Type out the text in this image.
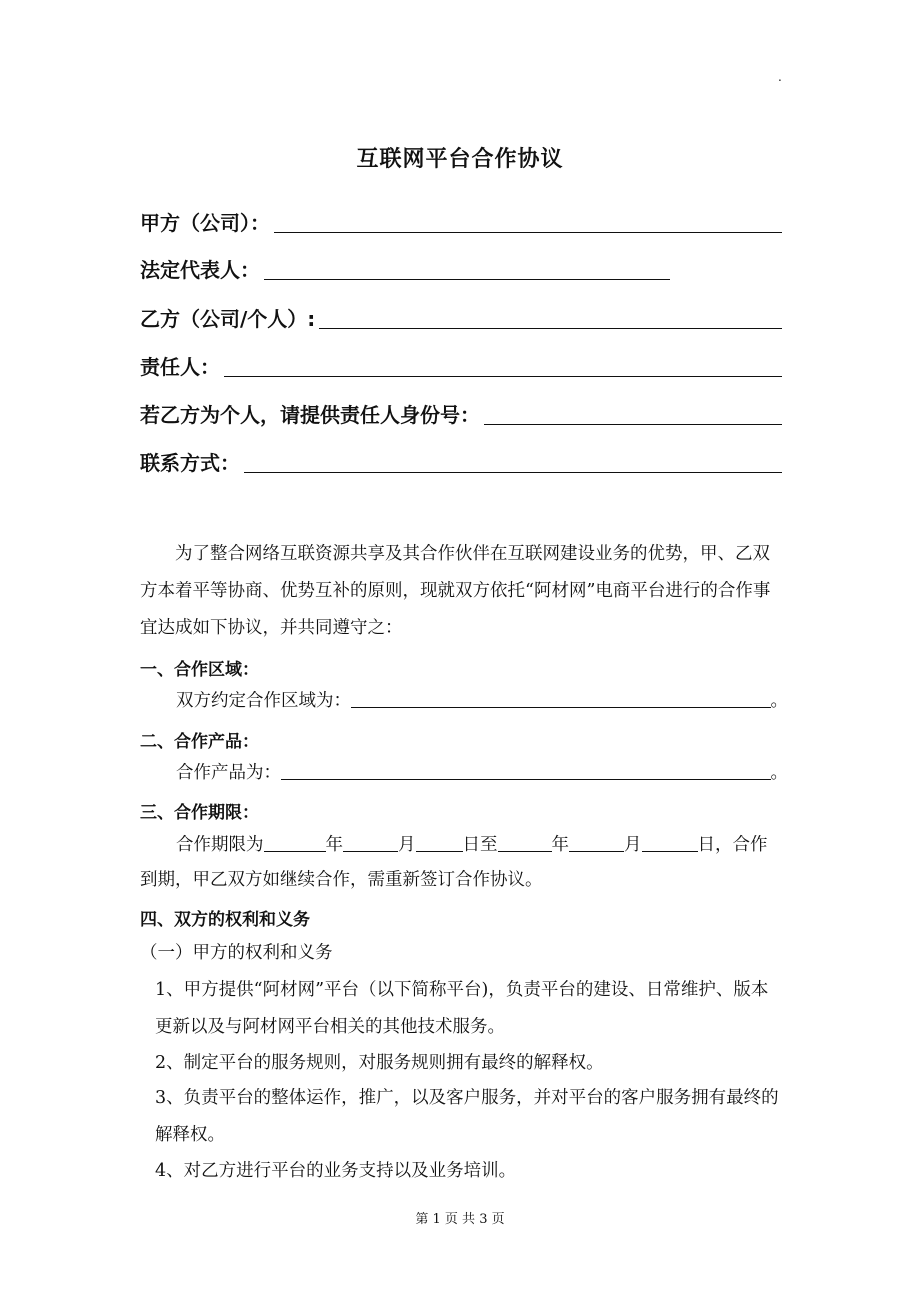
.
互联网平台合作协议
甲方（公司）：
法定代表人：
乙方（公司/个人）:
责任人：
若乙方为个人，请提供责任人身份号：
联系方式：
为了整合网络互联资源共享及其合作伙伴在互联网建设业务的优势，甲、乙双方本着平等协商、优势互补的原则，现就双方依托“阿材网”电商平台进行的合作事宜达成如下协议，并共同遵守之：
一、合作区域：
双方约定合作区域为：	。
二、合作产品：
合作产品为：	。
三、合作期限：
合作期限为	年	月	日至	年	月	日，合作
到期，甲乙双方如继续合作，需重新签订合作协议。
四、双方的权利和义务
（一）甲方的权利和义务
1、甲方提供“阿材网”平台（以下简称平台)，负责平台的建设、日常维护、版本更新以及与阿材网平台相关的其他技术服务。
2、制定平台的服务规则，对服务规则拥有最终的解释权。
3、负责平台的整体运作，推广，以及客户服务，并对平台的客户服务拥有最终的解释权。
4、对乙方进行平台的业务支持以及业务培训。
第 1 页 共 3 页
